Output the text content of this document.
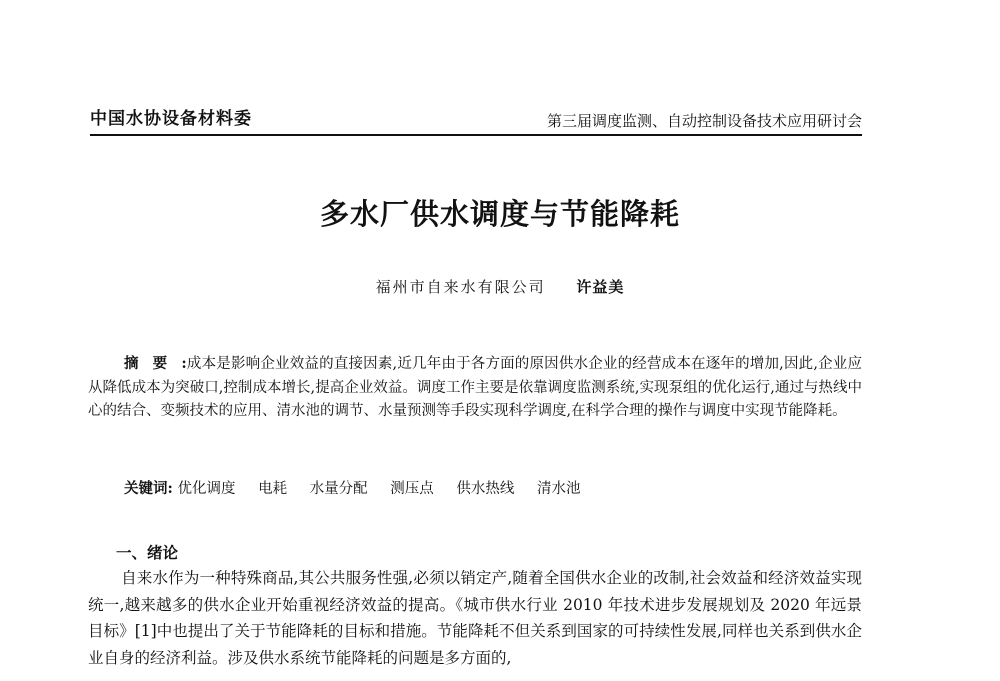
中国水协设备材料委	第三届调度监测、自动控制设备技术应用研讨会
多水厂供水调度与节能降耗
福州市自来水有限公司 许益美
摘要:成本是影响企业效益的直接因素,近几年由于各方面的原因供水企业的经营成本在逐年的增加,因此,企业应从降低成本为突破口,控制成本增长,提高企业效益。调度工作主要是依靠调度监测系统,实现泵组的优化运行,通过与热线中心的结合、变频技术的应用、清水池的调节、水量预测等手段实现科学调度,在科学合理的操作与调度中实现节能降耗。
关键词: 优化调度 电耗 水量分配 测压点 供水热线 清水池
一、绪论
自来水作为一种特殊商品,其公共服务性强,必须以销定产,随着全国供水企业的改制,社会效益和经济效益实现统一,越来越多的供水企业开始重视经济效益的提高。《城市供水行业 2010 年技术进步发展规划及 2020 年远景目标》[1]中也提出了关于节能降耗的目标和措施。节能降耗不但关系到国家的可持续性发展,同样也关系到供水企业自身的经济利益。涉及供水系统节能降耗的问题是多方面的,
